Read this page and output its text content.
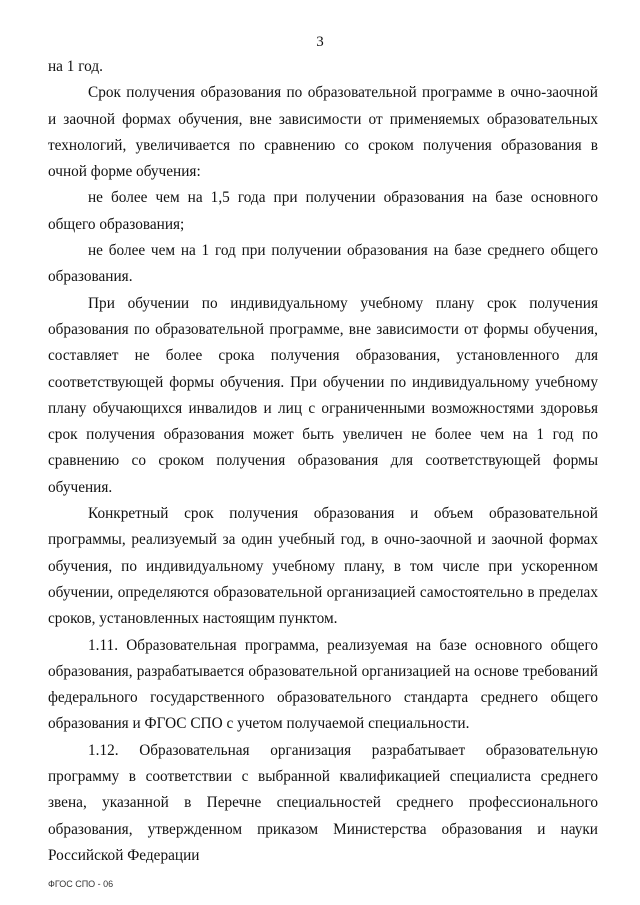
3

на 1 год.

Срок получения образования по образовательной программе в очно-заочной и заочной формах обучения, вне зависимости от применяемых образовательных технологий, увеличивается по сравнению со сроком получения образования в очной форме обучения:

не более чем на 1,5 года при получении образования на базе основного общего образования;

не более чем на 1 год при получении образования на базе среднего общего образования.

При обучении по индивидуальному учебному плану срок получения образования по образовательной программе, вне зависимости от формы обучения, составляет не более срока получения образования, установленного для соответствующей формы обучения. При обучении по индивидуальному учебному плану обучающихся инвалидов и лиц с ограниченными возможностями здоровья срок получения образования может быть увеличен не более чем на 1 год по сравнению со сроком получения образования для соответствующей формы обучения.

Конкретный срок получения образования и объем образовательной программы, реализуемый за один учебный год, в очно-заочной и заочной формах обучения, по индивидуальному учебному плану, в том числе при ускоренном обучении, определяются образовательной организацией самостоятельно в пределах сроков, установленных настоящим пунктом.

1.11. Образовательная программа, реализуемая на базе основного общего образования, разрабатывается образовательной организацией на основе требований федерального государственного образовательного стандарта среднего общего образования и ФГОС СПО с учетом получаемой специальности.

1.12. Образовательная организация разрабатывает образовательную программу в соответствии с выбранной квалификацией специалиста среднего звена, указанной в Перечне специальностей среднего профессионального образования, утвержденном приказом Министерства образования и науки Российской Федерации

ФГОС СПО - 06
